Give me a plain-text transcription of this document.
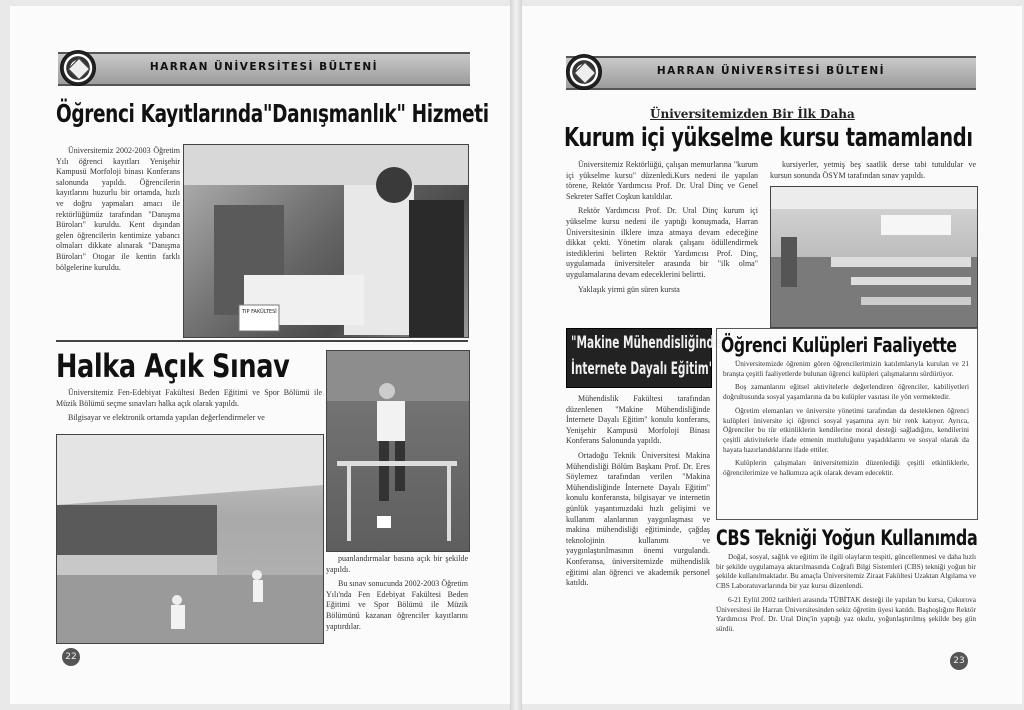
HARRAN ÜNİVERSİTESİ BÜLTENİ
Öğrenci Kayıtlarında"Danışmanlık" Hizmeti

Üniversitemiz 2002-2003 Öğretim Yılı öğrenci kayıtları Yenişehir Kampusü Morfoloji binası Konferans salonunda yapıldı. Öğrencilerin kayıtlarını huzurlu bir ortamda, hızlı ve doğru yapmaları amacı ile rektörlüğümüz tarafından "Danışma Büroları" kuruldu. Kent dışından gelen öğrencilerin kentimize yabancı olmaları dikkate alınarak "Danışma Büroları" Otogar ile kentin farklı bölgelerine kuruldu.

TIP FAKÜLTESİ
Halka Açık Sınav

Üniversitemiz Fen-Edebiyat Fakültesi Beden Eğitimi ve Spor Bölümü ile Müzik Bölümü seçme sınavları halka açık olarak yapıldı.

Bilgisayar ve elektronik ortamda yapılan değerlendirmeler ve

puanlandırmalar basına açık bir şekilde yapıldı.

Bu sınav sonucunda 2002-2003 Öğretim Yılı'nda Fen Edebiyat Fakültesi Beden Eğitimi ve Spor Bölümü ile Müzik Bölümünü kazanan öğrenciler kayıtlarını yaptırdılar.

22
HARRAN ÜNİVERSİTESİ BÜLTENİ
Üniversitemizden Bir İlk Daha
Kurum içi yükselme kursu tamamlandı

Üniversitemiz Rektörlüğü, çalışan memurlarına "kurum içi yükselme kursu" düzenledi.Kurs nedeni ile yapılan törene, Rektör Yardımcısı Prof. Dr. Ural Dinç ve Genel Sekreter Saffet Coşkun katıldılar.

Rektör Yardımcısı Prof. Dr. Ural Dinç kurum içi yükselme kursu nedeni ile yaptığı konuşmada, Harran Üniversitesinin ilklere imza atmaya devam edeceğine dikkat çekti. Yönetim olarak çalışanı ödüllendirmek istediklerini belirten Rektör Yardımcısı Prof. Dinç, uygulamada üniversiteler arasında bir "ilk olma" uygulamalarına devam edeceklerini belirtti.

Yaklaşık yirmi gün süren kursta

kursiyerler, yetmiş beş saatlik derse tabi tutuldular ve kursun sonunda ÖSYM tarafından sınav yapıldı.

"Makine Mühendisliğinde
İnternete Dayalı Eğitim"

Mühendislik Fakültesi tarafından düzenlenen "Makine Mühendisliğinde İnternete Dayalı Eğitim" konulu konferans, Yenişehir Kampusü Morfoloji Binası Konferans Salonunda yapıldı.

Ortadoğu Teknik Üniversitesi Makina Mühendisliği Bölüm Başkanı Prof. Dr. Eres Söylemez tarafından verilen "Makina Mühendisliğinde İnternete Dayalı Eğitim" konulu konferansta, bilgisayar ve internetin günlük yaşantımızdaki hızlı gelişimi ve kullanım alanlarının yaygınlaşması ve makina mühendisliği eğitiminde, çağdaş teknolojinin kullanımı ve yaygınlaştırılmasının önemi vurgulandı. Konferansa, üniversitemizde mühendislik eğitimi alan öğrenci ve akademik personel katıldı.

Öğrenci Kulüpleri Faaliyette

Üniversitemizde öğrenim gören öğrencilerimizin katılımlarıyla kurulan ve 21 branşta çeşitli faaliyetlerde bulunan öğrenci kulüpleri çalışmalarını sürdürüyor.

Boş zamanlarını eğitsel aktivitelerle değerlendiren öğrenciler, kabiliyetleri doğrultusunda sosyal yaşamlarına da bu kulüpler vasıtası ile yön vermektedir.

Öğretim elemanları ve üniversite yönetimi tarafından da desteklenen öğrenci kulüpleri üniversite içi öğrenci sosyal yaşamına ayrı bir renk katıyor. Ayrıca, Öğrenciler bu tür etkinliklerin kendilerine moral desteği sağladığını, kendilerini çeşitli aktivitelerle ifade etmenin mutluluğunu yaşadıklarını ve sosyal olarak da hayata hazırlandıklarını ifade ettiler.

Kulüplerin çalışmaları üniversitemizin düzenlediği çeşitli etkinliklerle, öğrencilerimize ve halkımıza açık olarak devam edecektir.

CBS Tekniği Yoğun Kullanımda

Doğal, sosyal, sağlık ve eğitim ile ilgili olayların tespiti, güncellenmesi ve daha hızlı bir şekilde uygulamaya aktarılmasında Coğrafi Bilgi Sistemleri (CBS) tekniği yoğun bir şekilde kullanılmaktadır. Bu amaçla Üniversitemiz Ziraat Fakültesi Uzaktan Algılama ve CBS Laboratuvarlarında bir yaz kursu düzenlendi.

6-21 Eylül 2002 tarihleri arasında TÜBİTAK desteği ile yapılan bu kursa, Çukurova Üniversitesi ile Harran Üniversitesinden sekiz öğretim üyesi katıldı. Başhoşlığını Rektör Yardımcısı Prof. Dr. Ural Dinç'in yaptığı yaz okulu, yoğunlaştırılmış şekilde beş gün sürdü.

23
